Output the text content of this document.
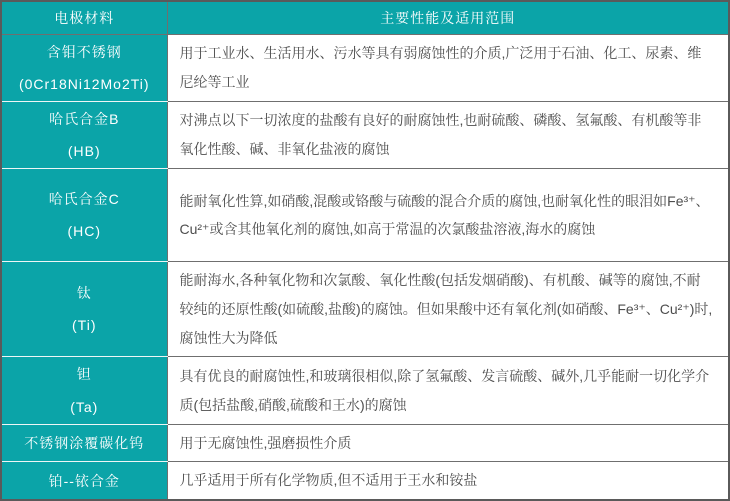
电极材料	主要性能及适用范围

含钼不锈钢
(0Cr18Ni12Mo2Ti)	用于工业水、生活用水、污水等具有弱腐蚀性的介质,广泛用于石油、化工、尿素、维尼纶等工业

哈氏合金B
(HB)	对沸点以下一切浓度的盐酸有良好的耐腐蚀性,也耐硫酸、磷酸、氢氟酸、有机酸等非氧化性酸、碱、非氧化盐液的腐蚀

哈氏合金C
(HC)	能耐氧化性算,如硝酸,混酸或铬酸与硫酸的混合介质的腐蚀,也耐氧化性的眼泪如Fe³⁺、Cu²⁺或含其他氧化剂的腐蚀,如高于常温的次氯酸盐溶液,海水的腐蚀

钛
(Ti)	能耐海水,各种氧化物和次氯酸、氧化性酸(包括发烟硝酸)、有机酸、碱等的腐蚀,不耐较纯的还原性酸(如硫酸,盐酸)的腐蚀。但如果酸中还有氧化剂(如硝酸、Fe³⁺、Cu²⁺)时,腐蚀性大为降低

钽
(Ta)	具有优良的耐腐蚀性,和玻璃很相似,除了氢氟酸、发言硫酸、碱外,几乎能耐一切化学介质(包括盐酸,硝酸,硫酸和王水)的腐蚀

不锈钢涂覆碳化钨	用于无腐蚀性,强磨损性介质

铂--铱合金	几乎适用于所有化学物质,但不适用于王水和铵盐
